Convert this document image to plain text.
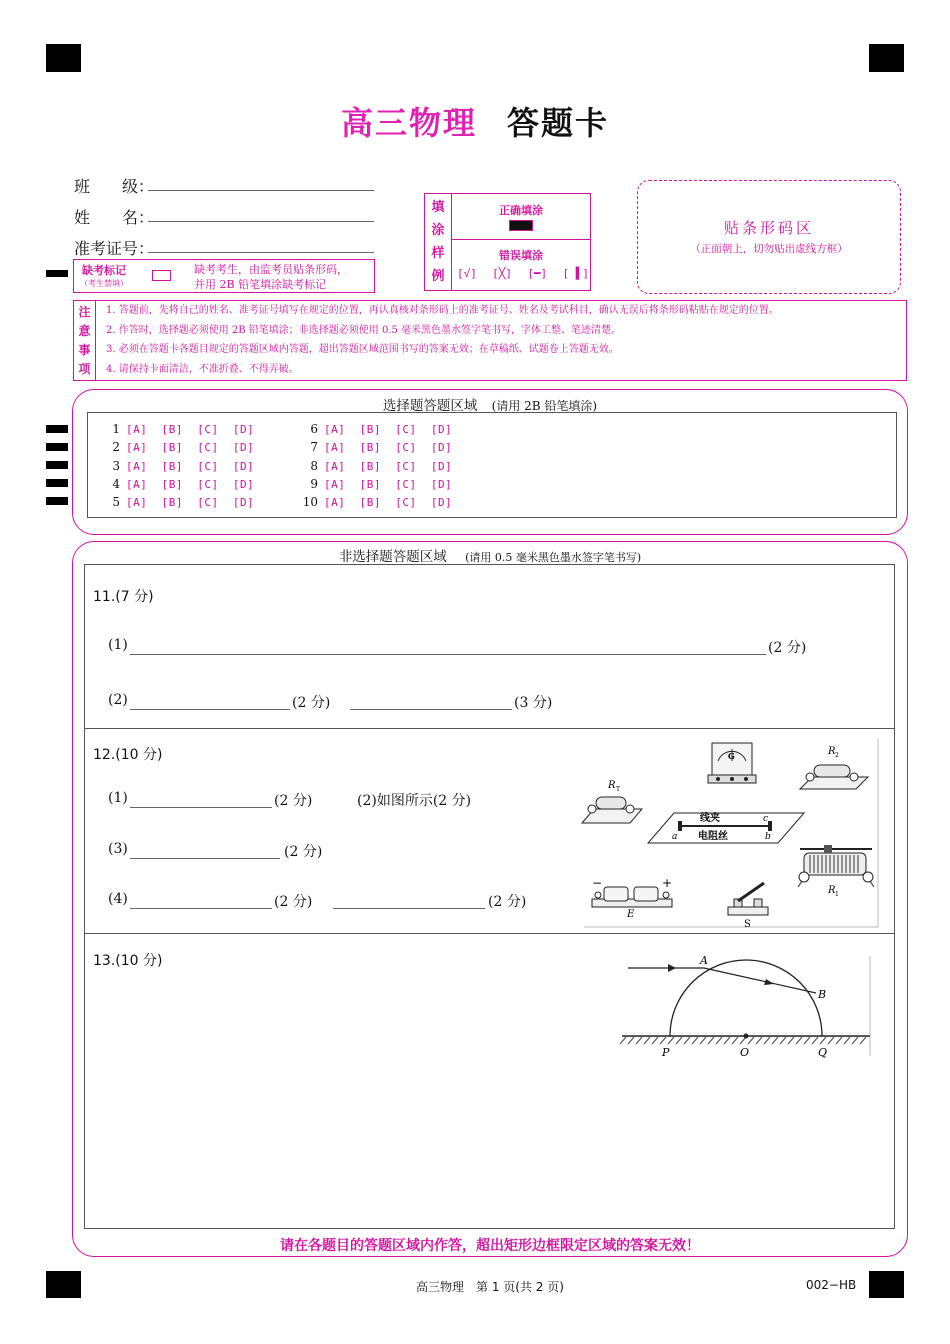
高三物理 答题卡
班　　级：
姓　　名：
准考证号：
缺考标记
（考生禁填）
缺考考生，由监考员贴条形码，
并用 2B 铅笔填涂缺考标记
填
涂
样
例
正确填涂
错误填涂
[√] [╳] [━] [ ▌]
贴条形码区
（正面朝上，切勿贴出虚线方框）
注
意
事
项
1. 答题前，先将自己的姓名、准考证号填写在规定的位置，再认真核对条形码上的准考证号、姓名及考试科目，确认无误后将条形码粘贴在规定的位置。
2. 作答时，选择题必须使用 2B 铅笔填涂；非选择题必须使用 0.5 毫米黑色墨水签字笔书写，字体工整、笔迹清楚。
3. 必须在答题卡各题目规定的答题区域内答题，超出答题区域范围书写的答案无效；在草稿纸、试题卷上答题无效。
4. 请保持卡面清洁，不准折叠、不得弄破。
选择题答题区域 (请用 2B 铅笔填涂)
1 [A]  [B]  [C]  [D]
2 [A]  [B]  [C]  [D]
3 [A]  [B]  [C]  [D]
4 [A]  [B]  [C]  [D]
5 [A]  [B]  [C]  [D]
6 [A]  [B]  [C]  [D]
7 [A]  [B]  [C]  [D]
8 [A]  [B]  [C]  [D]
9 [A]  [B]  [C]  [D]
10 [A]  [B]  [C]  [D]
非选择题答题区域 (请用 0.5 毫米黑色墨水签字笔书写)
11.(7 分)
(1)	(2 分)
(2)	(2 分)	(3 分)
12.(10 分)
(1)	(2 分)	(2)如图所示(2 分)
(3)	(2 分)
(4)	(2 分)	(2 分)
G	R 2
R T
线夹	c
电阻丝
a	b
R 1
−	+
E
S
13.(10 分)	A
B
P	O	Q
请在各题目的答题区域内作答，超出矩形边框限定区域的答案无效！
高三物理　第 1 页(共 2 页)	002−HB
